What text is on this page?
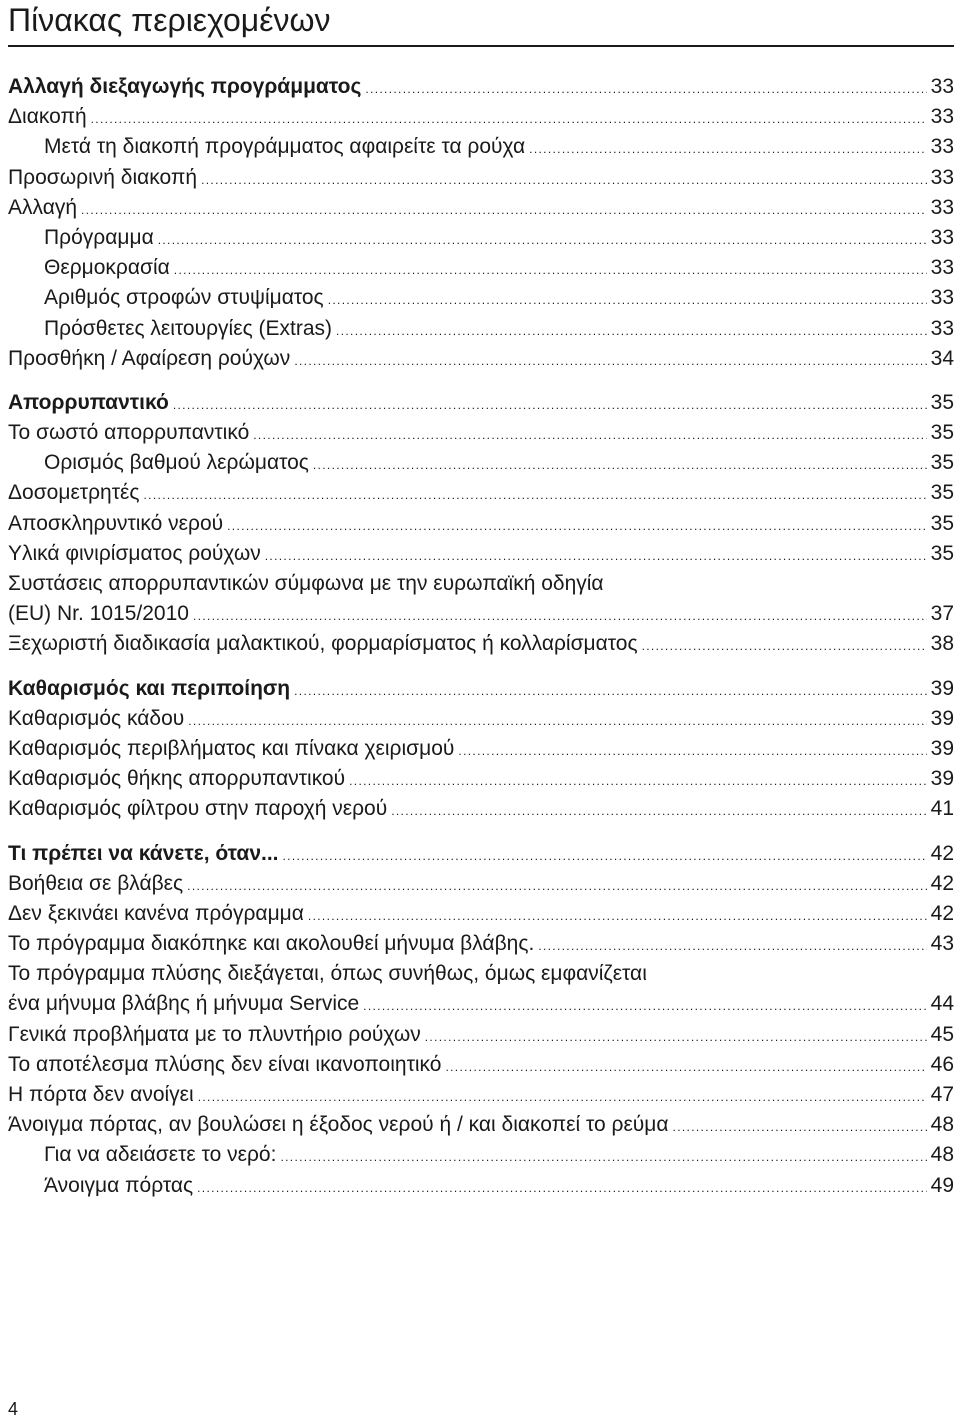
Πίνακας περιεχομένων
Αλλαγή διεξαγωγής προγράμματος . . .	33
Διακοπή . . .	33
Μετά τη διακοπή προγράμματος αφαιρείτε τα ρούχα . . .	33
Προσωρινή διακοπή . . .	33
Αλλαγή . . .	33
Πρόγραμμα . . .	33
Θερμοκρασία . . .	33
Αριθμός στροφών στυψίματος . . .	33
Πρόσθετες λειτουργίες (Extras) . . .	33
Προσθήκη / Αφαίρεση ρούχων . . .	34
Απορρυπαντικό . . .	35
Το σωστό απορρυπαντικό . . .	35
Ορισμός βαθμού λερώματος . . .	35
Δοσομετρητές . . .	35
Αποσκληρυντικό νερού . . .	35
Υλικά φινιρίσματος ρούχων . . .	35
Συστάσεις απορρυπαντικών σύμφωνα με την ευρωπαϊκή οδηγία
(EU) Nr. 1015/2010 . . .	37
Ξεχωριστή διαδικασία μαλακτικού, φορμαρίσματος ή κολλαρίσματος . . .	38
Καθαρισμός και περιποίηση . . .	39
Καθαρισμός κάδου . . .	39
Καθαρισμός περιβλήματος και πίνακα χειρισμού . . .	39
Καθαρισμός θήκης απορρυπαντικού . . .	39
Καθαρισμός φίλτρου στην παροχή νερού . . .	41
Τι πρέπει να κάνετε, όταν... . . .	42
Βοήθεια σε βλάβες . . .	42
Δεν ξεκινάει κανένα πρόγραμμα . . .	42
Το πρόγραμμα διακόπηκε και ακολουθεί μήνυμα βλάβης. . . .	43
Το πρόγραμμα πλύσης διεξάγεται, όπως συνήθως, όμως εμφανίζεται
ένα μήνυμα βλάβης ή μήνυμα Service . . .	44
Γενικά προβλήματα με το πλυντήριο ρούχων . . .	45
Το αποτέλεσμα πλύσης δεν είναι ικανοποιητικό . . .	46
Η πόρτα δεν ανοίγει . . .	47
Άνοιγμα πόρτας, αν βουλώσει η έξοδος νερού ή / και διακοπεί το ρεύμα . . .	48
Για να αδειάσετε το νερό: . . .	48
Άνοιγμα πόρτας . . .	49
4
